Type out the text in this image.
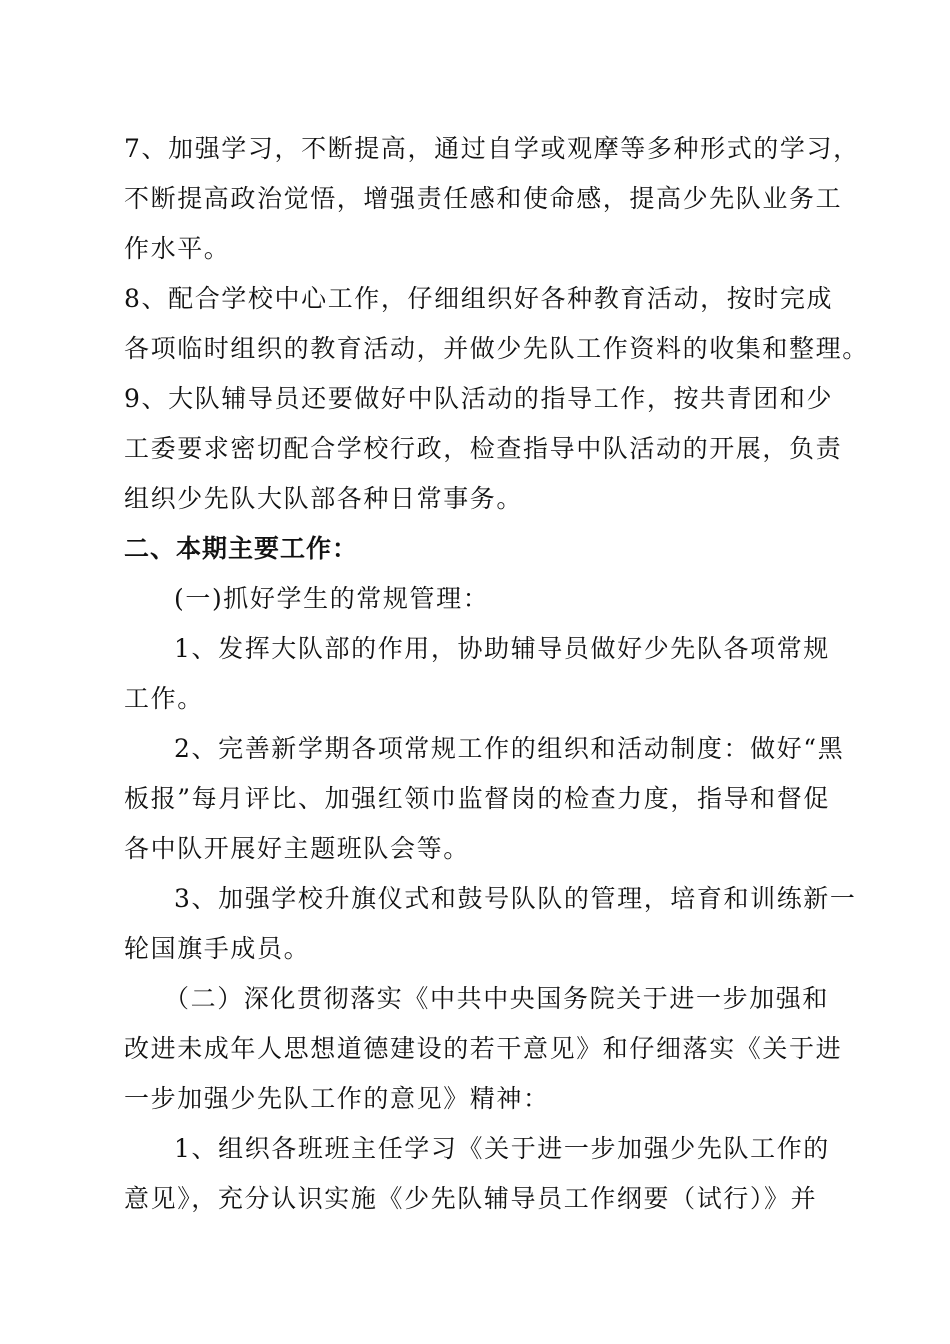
7、加强学习，不断提高，通过自学或观摩等多种形式的学习，
不断提高政治觉悟，增强责任感和使命感，提高少先队业务工
作水平。
8、配合学校中心工作，仔细组织好各种教育活动，按时完成
各项临时组织的教育活动，并做少先队工作资料的收集和整理。
9、大队辅导员还要做好中队活动的指导工作，按共青团和少
工委要求密切配合学校行政，检查指导中队活动的开展，负责
组织少先队大队部各种日常事务。
二、本期主要工作：
(一)抓好学生的常规管理：
1、发挥大队部的作用，协助辅导员做好少先队各项常规
工作。
2、完善新学期各项常规工作的组织和活动制度：做好“黑
板报”每月评比、加强红领巾监督岗的检查力度，指导和督促
各中队开展好主题班队会等。
3、加强学校升旗仪式和鼓号队队的管理，培育和训练新一
轮国旗手成员。
（二）深化贯彻落实《中共中央国务院关于进一步加强和
改进未成年人思想道德建设的若干意见》和仔细落实《关于进
一步加强少先队工作的意见》精神：
1、组织各班班主任学习《关于进一步加强少先队工作的
意见》，充分认识实施《少先队辅导员工作纲要（试行）》并
